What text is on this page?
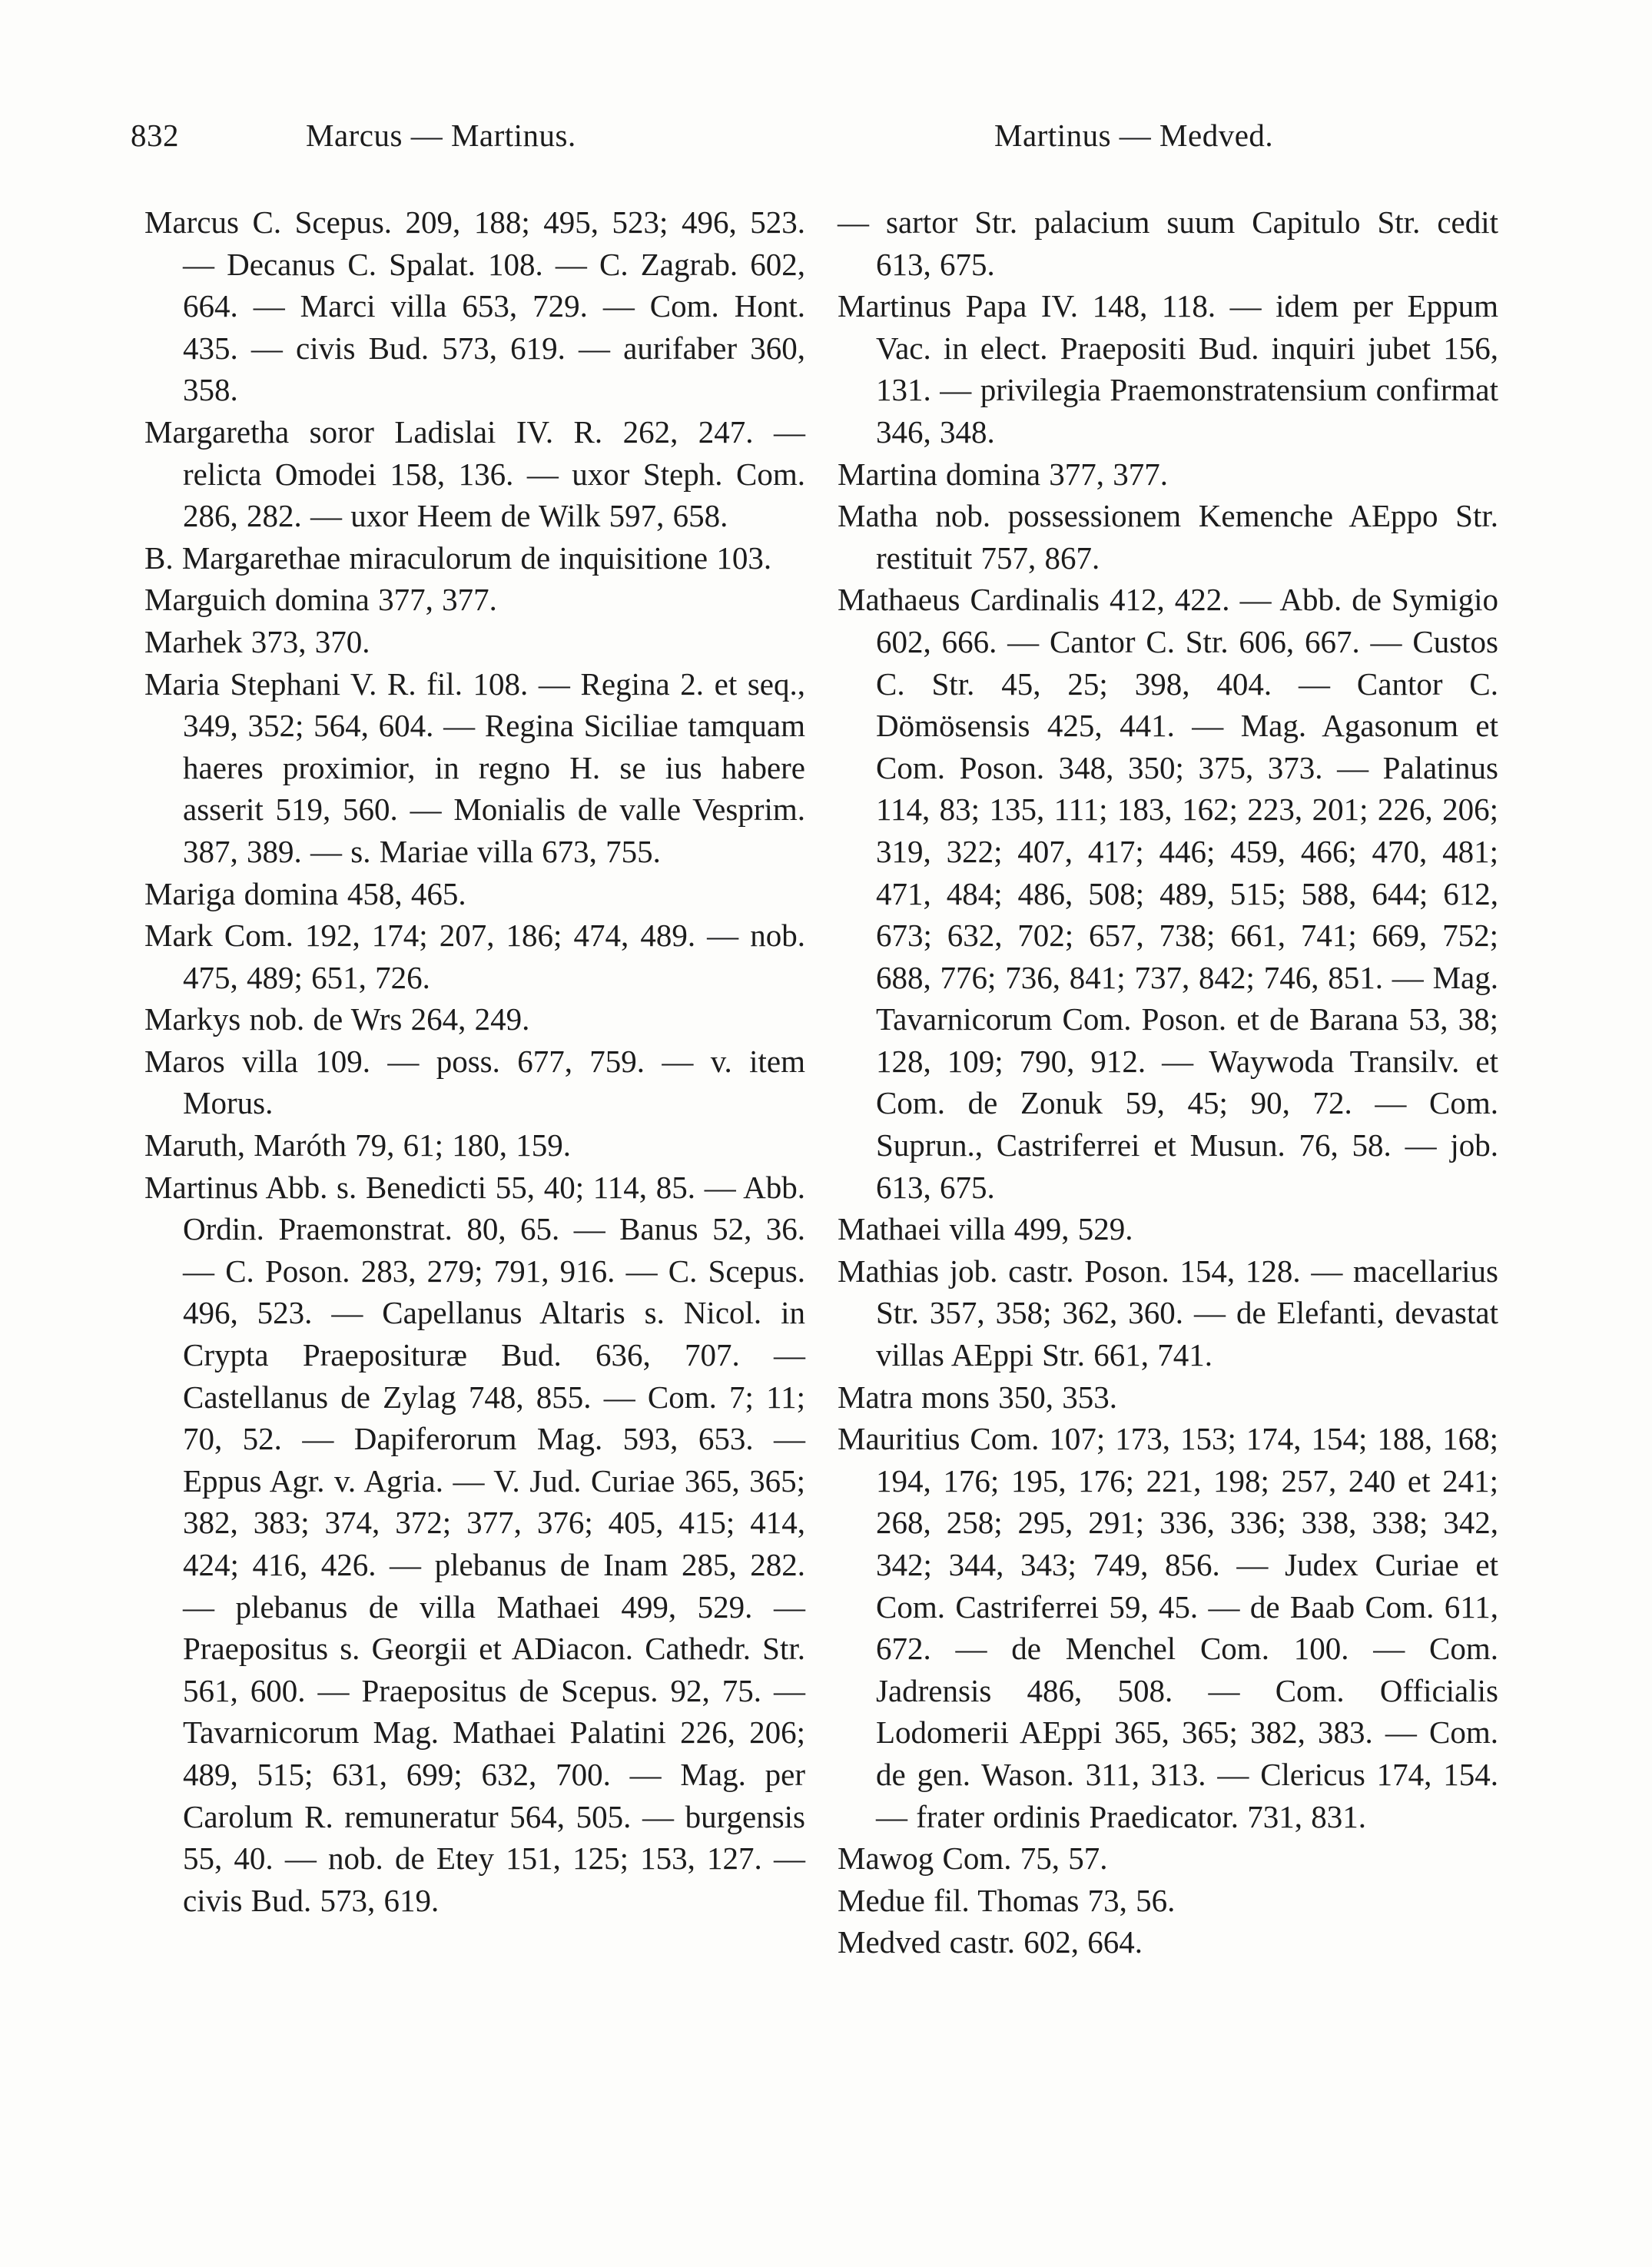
832	Marcus — Martinus.	Martinus — Medved.

Marcus C. Scepus. 209, 188; 495, 523; 496, 523. — Decanus C. Spalat. 108. — C. Zagrab. 602, 664. — Marci villa 653, 729. — Com. Hont. 435. — civis Bud. 573, 619. — aurifaber 360, 358.

Margaretha soror Ladislai IV. R. 262, 247. — relicta Omodei 158, 136. — uxor Steph. Com. 286, 282. — uxor Heem de Wilk 597, 658.

B. Margarethae miraculorum de inquisitione 103.

Marguich domina 377, 377.

Marhek 373, 370.

Maria Stephani V. R. fil. 108. — Regina 2. et seq., 349, 352; 564, 604. — Regina Siciliae tamquam haeres proximior, in regno H. se ius habere asserit 519, 560. — Monialis de valle Vesprim. 387, 389. — s. Mariae villa 673, 755.

Mariga domina 458, 465.

Mark Com. 192, 174; 207, 186; 474, 489. — nob. 475, 489; 651, 726.

Markys nob. de Wrs 264, 249.

Maros villa 109. — poss. 677, 759. — v. item Morus.

Maruth, Maróth 79, 61; 180, 159.

Martinus Abb. s. Benedicti 55, 40; 114, 85. — Abb. Ordin. Praemonstrat. 80, 65. — Banus 52, 36. — C. Poson. 283, 279; 791, 916. — C. Scepus. 496, 523. — Capellanus Altaris s. Nicol. in Crypta Praeposituræ Bud. 636, 707. — Castellanus de Zylag 748, 855. — Com. 7; 11; 70, 52. — Dapiferorum Mag. 593, 653. — Eppus Agr. v. Agria. — V. Jud. Curiae 365, 365; 382, 383; 374, 372; 377, 376; 405, 415; 414, 424; 416, 426. — plebanus de Inam 285, 282. — plebanus de villa Mathaei 499, 529. — Praepositus s. Georgii et ADiacon. Cathedr. Str. 561, 600. — Praepositus de Scepus. 92, 75. — Tavarnicorum Mag. Mathaei Palatini 226, 206; 489, 515; 631, 699; 632, 700. — Mag. per Carolum R. remuneratur 564, 505. — burgensis 55, 40. — nob. de Etey 151, 125; 153, 127. — civis Bud. 573, 619.

— sartor Str. palacium suum Capitulo Str. cedit 613, 675.

Martinus Papa IV. 148, 118. — idem per Eppum Vac. in elect. Praepositi Bud. inquiri jubet 156, 131. — privilegia Praemonstratensium confirmat 346, 348.

Martina domina 377, 377.

Matha nob. possessionem Kemenche AEppo Str. restituit 757, 867.

Mathaeus Cardinalis 412, 422. — Abb. de Symigio 602, 666. — Cantor C. Str. 606, 667. — Custos C. Str. 45, 25; 398, 404. — Cantor C. Dömösensis 425, 441. — Mag. Agasonum et Com. Poson. 348, 350; 375, 373. — Palatinus 114, 83; 135, 111; 183, 162; 223, 201; 226, 206; 319, 322; 407, 417; 446; 459, 466; 470, 481; 471, 484; 486, 508; 489, 515; 588, 644; 612, 673; 632, 702; 657, 738; 661, 741; 669, 752; 688, 776; 736, 841; 737, 842; 746, 851. — Mag. Tavarnicorum Com. Poson. et de Barana 53, 38; 128, 109; 790, 912. — Waywoda Transilv. et Com. de Zonuk 59, 45; 90, 72. — Com. Suprun., Castriferrei et Musun. 76, 58. — job. 613, 675.

Mathaei villa 499, 529.

Mathias job. castr. Poson. 154, 128. — macellarius Str. 357, 358; 362, 360. — de Elefanti, devastat villas AEppi Str. 661, 741.

Matra mons 350, 353.

Mauritius Com. 107; 173, 153; 174, 154; 188, 168; 194, 176; 195, 176; 221, 198; 257, 240 et 241; 268, 258; 295, 291; 336, 336; 338, 338; 342, 342; 344, 343; 749, 856. — Judex Curiae et Com. Castriferrei 59, 45. — de Baab Com. 611, 672. — de Menchel Com. 100. — Com. Jadrensis 486, 508. — Com. Officialis Lodomerii AEppi 365, 365; 382, 383. — Com. de gen. Wason. 311, 313. — Clericus 174, 154. — frater ordinis Praedicator. 731, 831.

Mawog Com. 75, 57.

Medue fil. Thomas 73, 56.

Medved castr. 602, 664.
